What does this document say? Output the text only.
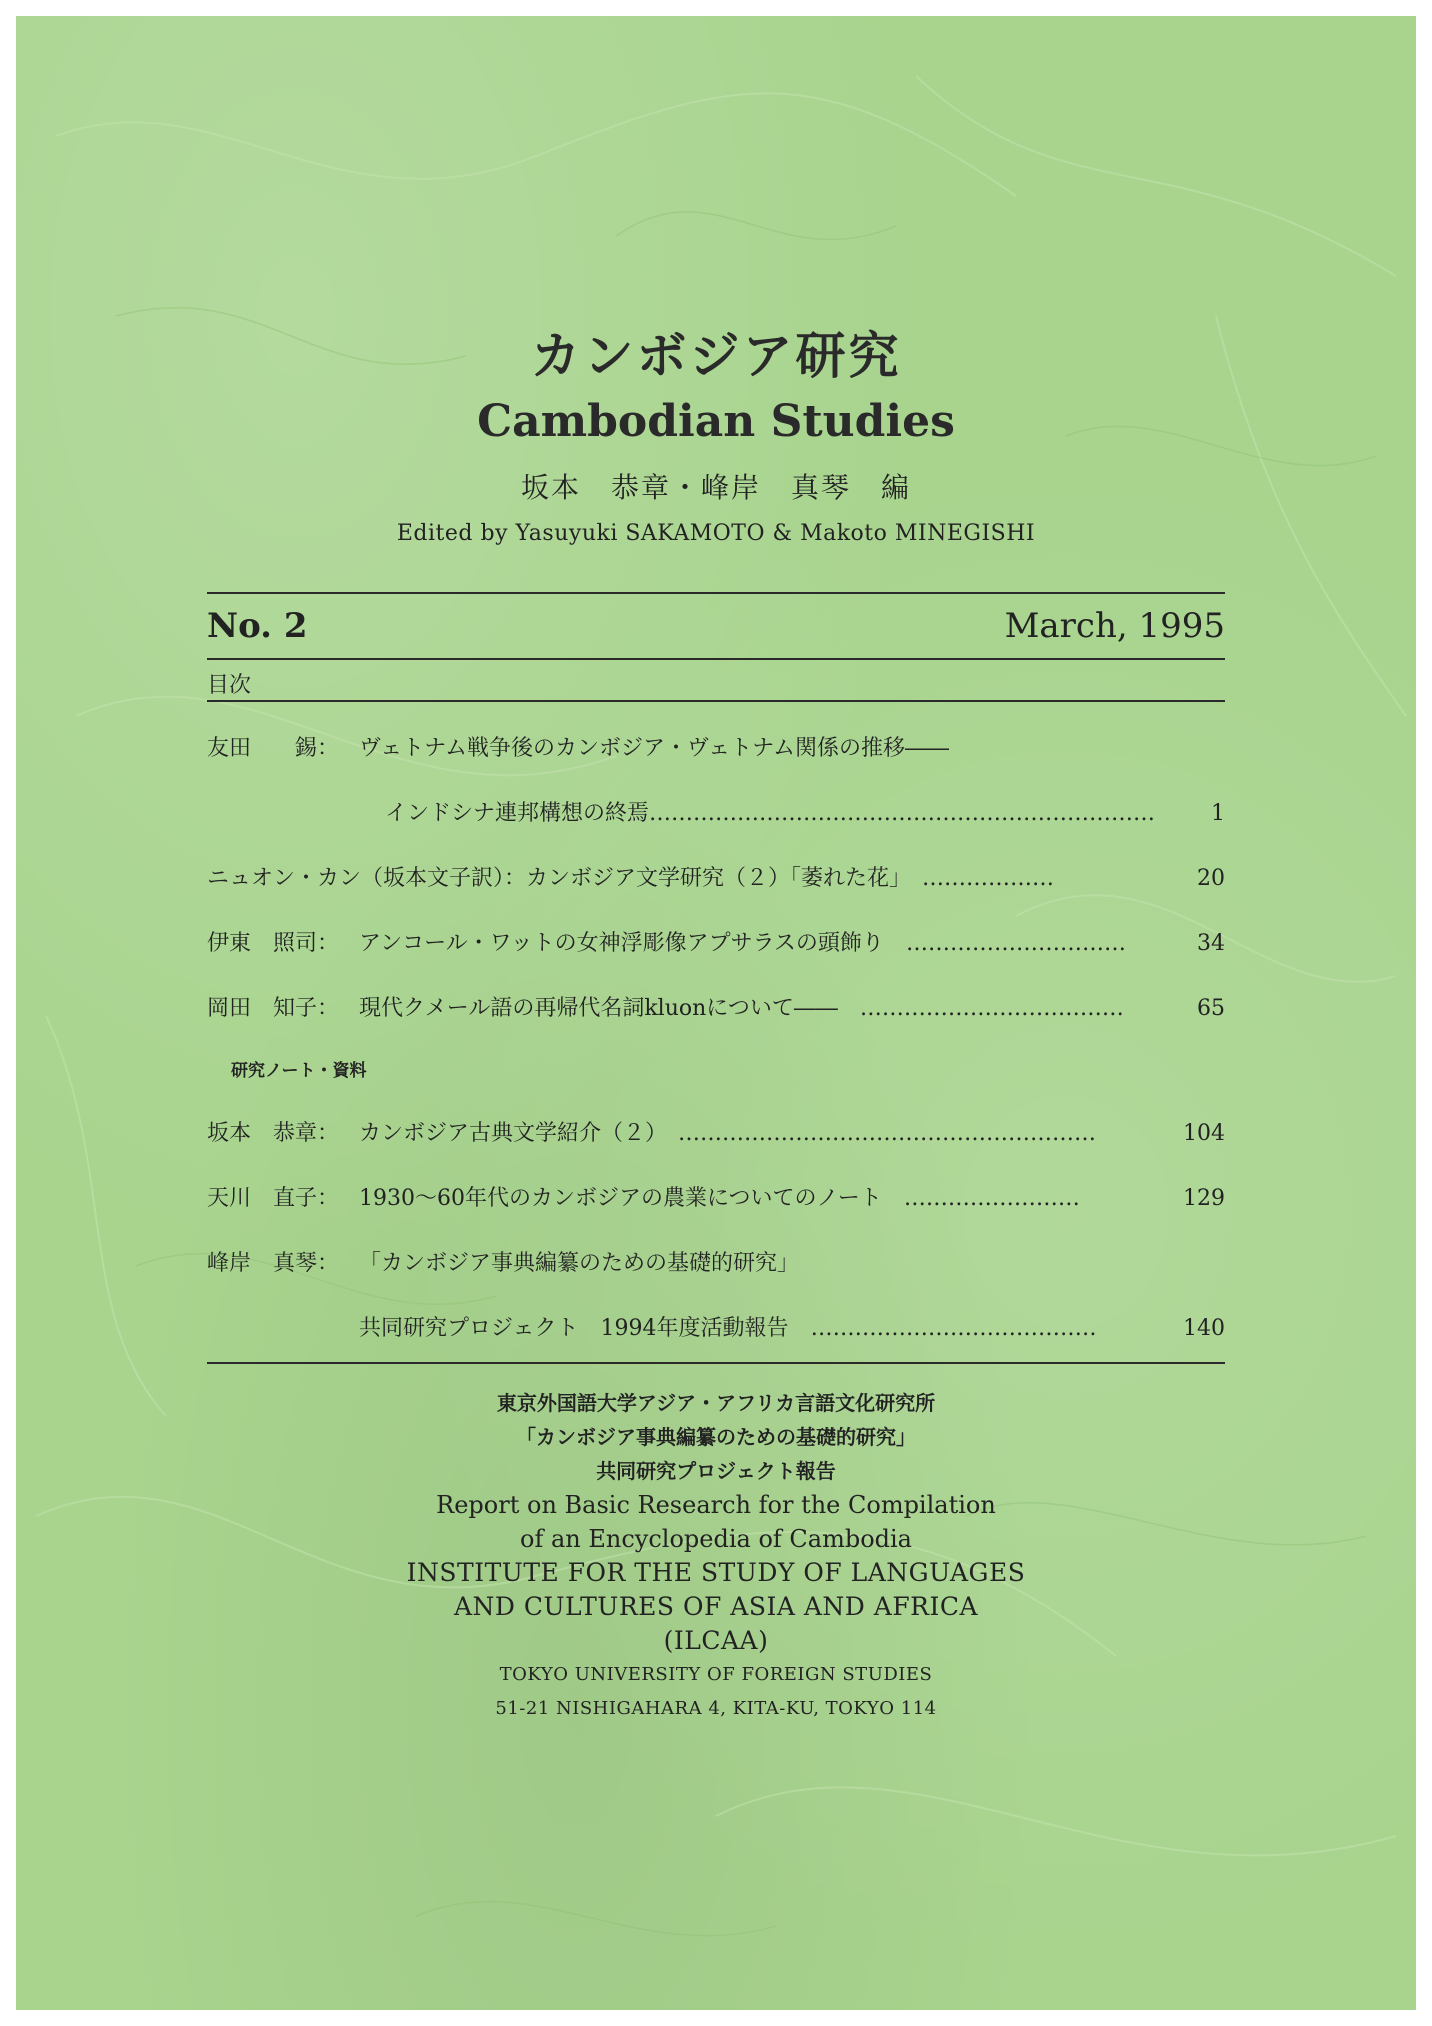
カンボジア研究
Cambodian Studies
坂本　恭章・峰岸　真琴　編
Edited by Yasuyuki SAKAMOTO & Makoto MINEGISHI
No. 2	March, 1995
目次
友田　　錫： ヴェトナム戦争後のカンボジア・ヴェトナム関係の推移――
インドシナ連邦構想の終焉……………………………………………………………	1
ニュオン・カン（坂本文子訳）：カンボジア文学研究（２）「萎れた花」　 ………………	20
伊東　照司： アンコール・ワットの女神浮彫像アプサラスの頭飾り　 …………………………	34
岡田　知子： 現代クメール語の再帰代名詞kluonについて――　 ………………………………	65
研究ノート・資料
坂本　恭章： カンボジア古典文学紹介（２）　 …………………………………………………	104
天川　直子： 1930～60年代のカンボジアの農業についてのノート　 ……………………	129
峰岸　真琴： 「カンボジア事典編纂のための基礎的研究」
共同研究プロジェクト　1994年度活動報告　 …………………………………	140
東京外国語大学アジア・アフリカ言語文化研究所
「カンボジア事典編纂のための基礎的研究」
共同研究プロジェクト報告
Report on Basic Research for the Compilation
of an Encyclopedia of Cambodia
INSTITUTE FOR THE STUDY OF LANGUAGES
AND CULTURES OF ASIA AND AFRICA
(ILCAA)
TOKYO UNIVERSITY OF FOREIGN STUDIES
51-21 NISHIGAHARA 4, KITA-KU, TOKYO 114
